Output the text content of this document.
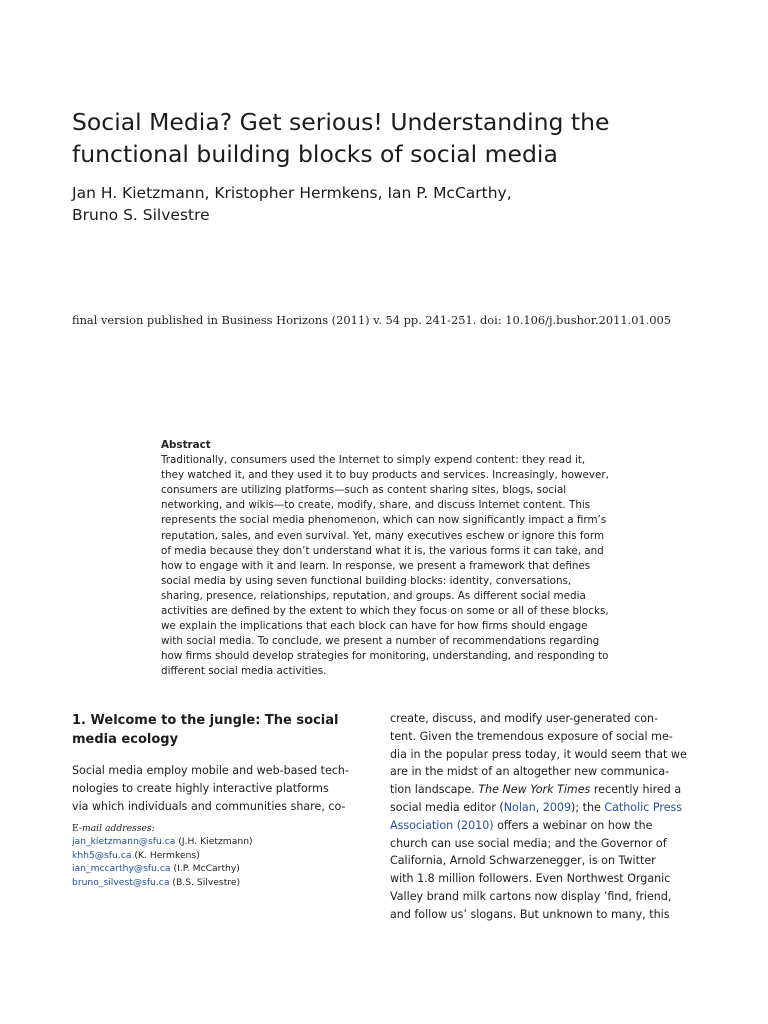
Social Media? Get serious! Understanding the
functional building blocks of social media
Jan H. Kietzmann, Kristopher Hermkens, Ian P. McCarthy,
Bruno S. Silvestre
final version published in Business Horizons (2011) v. 54 pp. 241-251. doi: 10.106/j.bushor.2011.01.005
Abstract
Traditionally, consumers used the Internet to simply expend content: they read it,
they watched it, and they used it to buy products and services. Increasingly, however,
consumers are utilizing platforms—such as content sharing sites, blogs, social
networking, and wikis—to create, modify, share, and discuss Internet content. This
represents the social media phenomenon, which can now significantly impact a firm’s
reputation, sales, and even survival. Yet, many executives eschew or ignore this form
of media because they don’t understand what it is, the various forms it can take, and
how to engage with it and learn. In response, we present a framework that defines
social media by using seven functional building blocks: identity, conversations,
sharing, presence, relationships, reputation, and groups. As different social media
activities are defined by the extent to which they focus on some or all of these blocks,
we explain the implications that each block can have for how firms should engage
with social media. To conclude, we present a number of recommendations regarding
how firms should develop strategies for monitoring, understanding, and responding to
different social media activities.
1. Welcome to the jungle: The social
media ecology
Social media employ mobile and web-based tech-
nologies to create highly interactive platforms
via which individuals and communities share, co-
E-mail addresses:
jan_kietzmann@sfu.ca (J.H. Kietzmann)
khh5@sfu.ca (K. Hermkens)
ian_mccarthy@sfu.ca (I.P. McCarthy)
bruno_silvest@sfu.ca (B.S. Silvestre)
create, discuss, and modify user-generated con-
tent. Given the tremendous exposure of social me-
dia in the popular press today, it would seem that we
are in the midst of an altogether new communica-
tion landscape. The New York Times recently hired a
social media editor (Nolan, 2009); the Catholic Press
Association (2010) offers a webinar on how the
church can use social media; and the Governor of
California, Arnold Schwarzenegger, is on Twitter
with 1.8 million followers. Even Northwest Organic
Valley brand milk cartons now display ’find, friend,
and follow us’ slogans. But unknown to many, this
